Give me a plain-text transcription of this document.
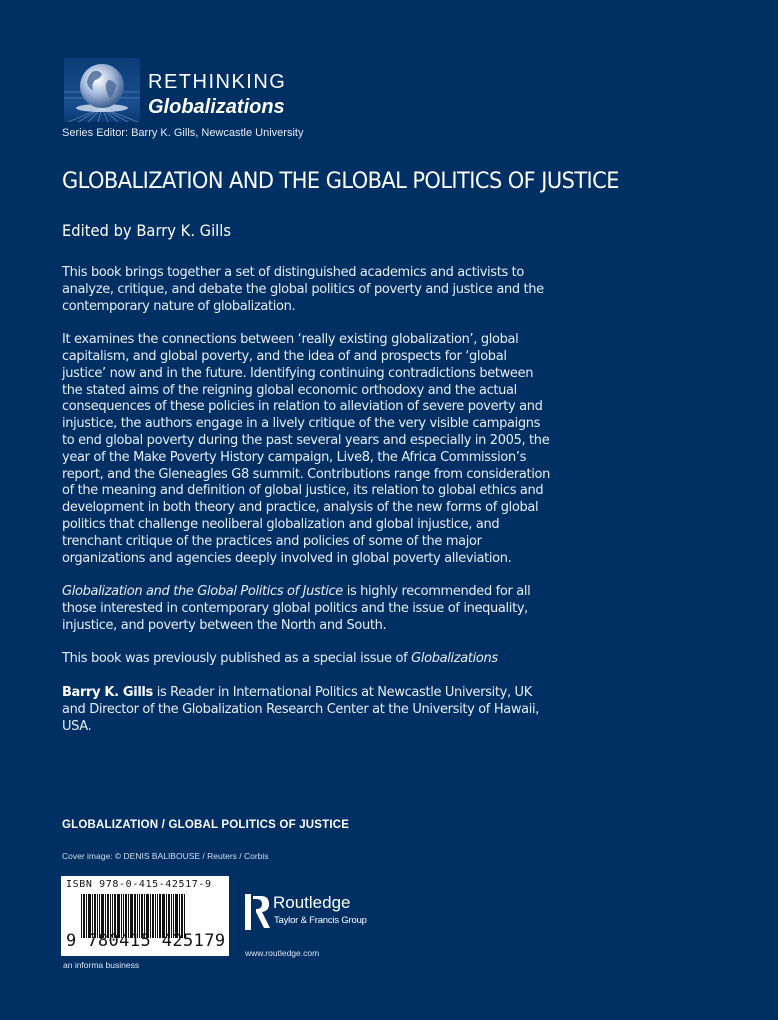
RETHINKING
Globalizations
Series Editor: Barry K. Gills, Newcastle University
GLOBALIZATION AND THE GLOBAL POLITICS OF JUSTICE
Edited by Barry K. Gills

This book brings together a set of distinguished academics and activists to analyze, critique, and debate the global politics of poverty and justice and the contemporary nature of globalization.

It examines the connections between ‘really existing globalization’, global capitalism, and global poverty, and the idea of and prospects for ‘global justice’ now and in the future. Identifying continuing contradictions between the stated aims of the reigning global economic orthodoxy and the actual consequences of these policies in relation to alleviation of severe poverty and injustice, the authors engage in a lively critique of the very visible campaigns to end global poverty during the past several years and especially in 2005, the year of the Make Poverty History campaign, Live8, the Africa Commission’s report, and the Gleneagles G8 summit. Contributions range from consideration of the meaning and definition of global justice, its relation to global ethics and development in both theory and practice, analysis of the new forms of global politics that challenge neoliberal globalization and global injustice, and trenchant critique of the practices and policies of some of the major organizations and agencies deeply involved in global poverty alleviation.

Globalization and the Global Politics of Justice is highly recommended for all those interested in contemporary global politics and the issue of inequality, injustice, and poverty between the North and South.

This book was previously published as a special issue of Globalizations

Barry K. Gills is Reader in International Politics at Newcastle University, UK and Director of the Globalization Research Center at the University of Hawaii, USA.

GLOBALIZATION / GLOBAL POLITICS OF JUSTICE
Cover image: © DENIS BALIBOUSE / Reuters / Corbis
ISBN 978-0-415-42517-9
9 780415 425179
an informa business
Routledge
Taylor & Francis Group
www.routledge.com
